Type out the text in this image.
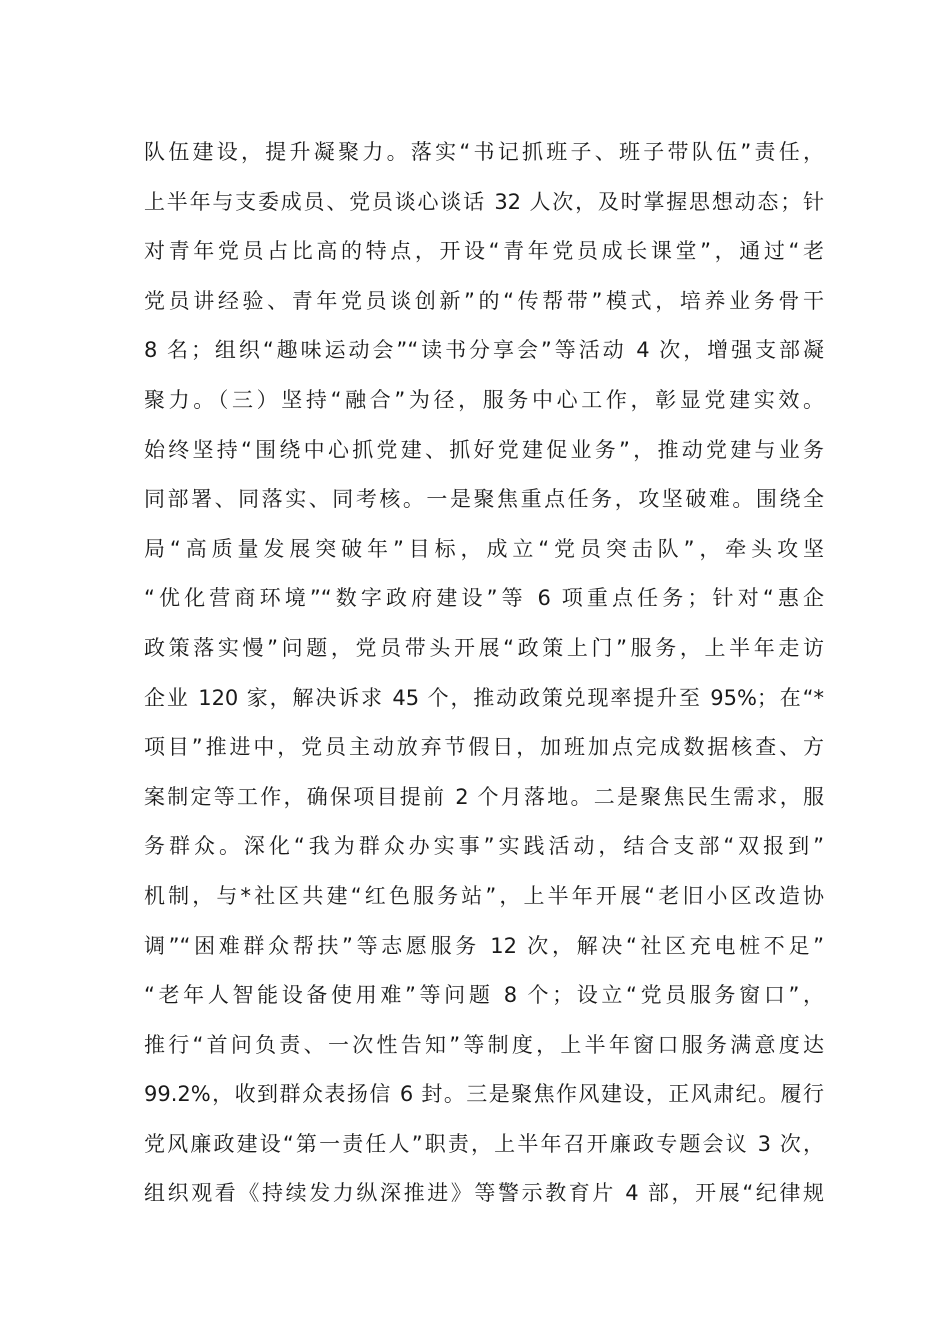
队伍建设，提升凝聚力。落实“书记抓班子、班子带队伍”责任，
上半年与支委成员、党员谈心谈话 32 人次，及时掌握思想动态；针
对青年党员占比高的特点，开设“青年党员成长课堂”，通过“老
党员讲经验、青年党员谈创新”的“传帮带”模式，培养业务骨干
8 名；组织“趣味运动会”“读书分享会”等活动 4 次，增强支部凝
聚力。（三）坚持“融合”为径，服务中心工作，彰显党建实效。
始终坚持“围绕中心抓党建、抓好党建促业务”，推动党建与业务
同部署、同落实、同考核。一是聚焦重点任务，攻坚破难。围绕全
局“高质量发展突破年”目标，成立“党员突击队”，牵头攻坚
“优化营商环境”“数字政府建设”等 6 项重点任务；针对“惠企
政策落实慢”问题，党员带头开展“政策上门”服务，上半年走访
企业 120 家，解决诉求 45 个，推动政策兑现率提升至 95%；在“*
项目”推进中，党员主动放弃节假日，加班加点完成数据核查、方
案制定等工作，确保项目提前 2 个月落地。二是聚焦民生需求，服
务群众。深化“我为群众办实事”实践活动，结合支部“双报到”
机制，与*社区共建“红色服务站”，上半年开展“老旧小区改造协
调”“困难群众帮扶”等志愿服务 12 次，解决“社区充电桩不足”
“老年人智能设备使用难”等问题 8 个；设立“党员服务窗口”，
推行“首问负责、一次性告知”等制度，上半年窗口服务满意度达
99.2%，收到群众表扬信 6 封。三是聚焦作风建设，正风肃纪。履行
党风廉政建设“第一责任人”职责，上半年召开廉政专题会议 3 次，
组织观看《持续发力纵深推进》等警示教育片 4 部，开展“纪律规
